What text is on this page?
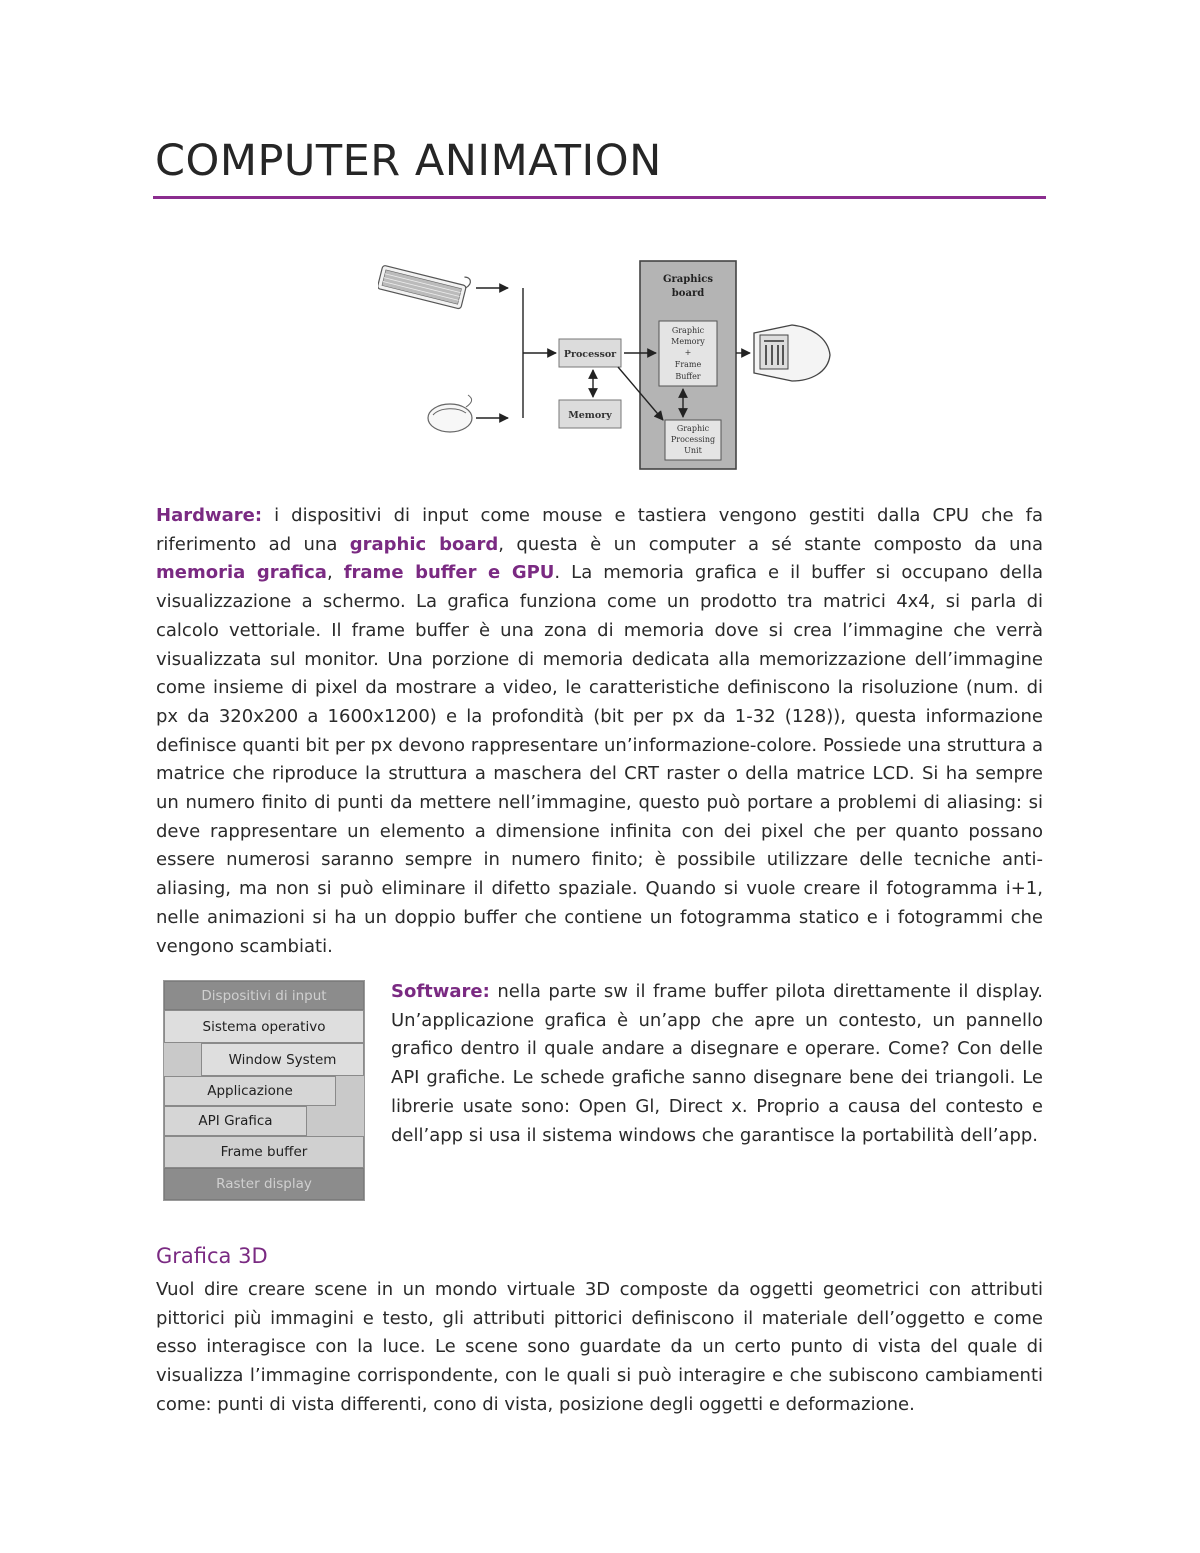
COMPUTER ANIMATION
Processor
Memory
Graphics
board
Graphic
Memory
+
Frame
Buffer
Graphic
Processing
Unit

Hardware: i dispositivi di input come mouse e tastiera vengono gestiti dalla CPU che fa riferimento ad una graphic board, questa è un computer a sé stante composto da una memoria grafica, frame buffer e GPU. La memoria grafica e il buffer si occupano della visualizzazione a schermo. La grafica funziona come un prodotto tra matrici 4x4, si parla di calcolo vettoriale. Il frame buffer è una zona di memoria dove si crea l’immagine che verrà visualizzata sul monitor. Una porzione di memoria dedicata alla memorizzazione dell’immagine come insieme di pixel da mostrare a video, le caratteristiche definiscono la risoluzione (num. di px da 320x200 a 1600x1200) e la profondità (bit per px da 1-32 (128)), questa informazione definisce quanti bit per px devono rappresentare un’informazione-colore. Possiede una struttura a matrice che riproduce la struttura a maschera del CRT raster o della matrice LCD. Si ha sempre un numero finito di punti da mettere nell’immagine, questo può portare a problemi di aliasing: si deve rappresentare un elemento a dimensione infinita con dei pixel che per quanto possano essere numerosi saranno sempre in numero finito; è possibile utilizzare delle tecniche anti-aliasing, ma non si può eliminare il difetto spaziale. Quando si vuole creare il fotogramma i+1, nelle animazioni si ha un doppio buffer che contiene un fotogramma statico e i fotogrammi che vengono scambiati.

Dispositivi di input
Sistema operativo
Window System
Applicazione
API Grafica
Frame buffer
Raster display

Software: nella parte sw il frame buffer pilota direttamente il display. Un’applicazione grafica è un’app che apre un contesto, un pannello grafico dentro il quale andare a disegnare e operare. Come? Con delle API grafiche. Le schede grafiche sanno disegnare bene dei triangoli. Le librerie usate sono: Open Gl, Direct x. Proprio a causa del contesto e dell’app si usa il sistema windows che garantisce la portabilità dell’app.

Grafica 3D

Vuol dire creare scene in un mondo virtuale 3D composte da oggetti geometrici con attributi pittorici più immagini e testo, gli attributi pittorici definiscono il materiale dell’oggetto e come esso interagisce con la luce. Le scene sono guardate da un certo punto di vista del quale di visualizza l’immagine corrispondente, con le quali si può interagire e che subiscono cambiamenti come: punti di vista differenti, cono di vista, posizione degli oggetti e deformazione.
